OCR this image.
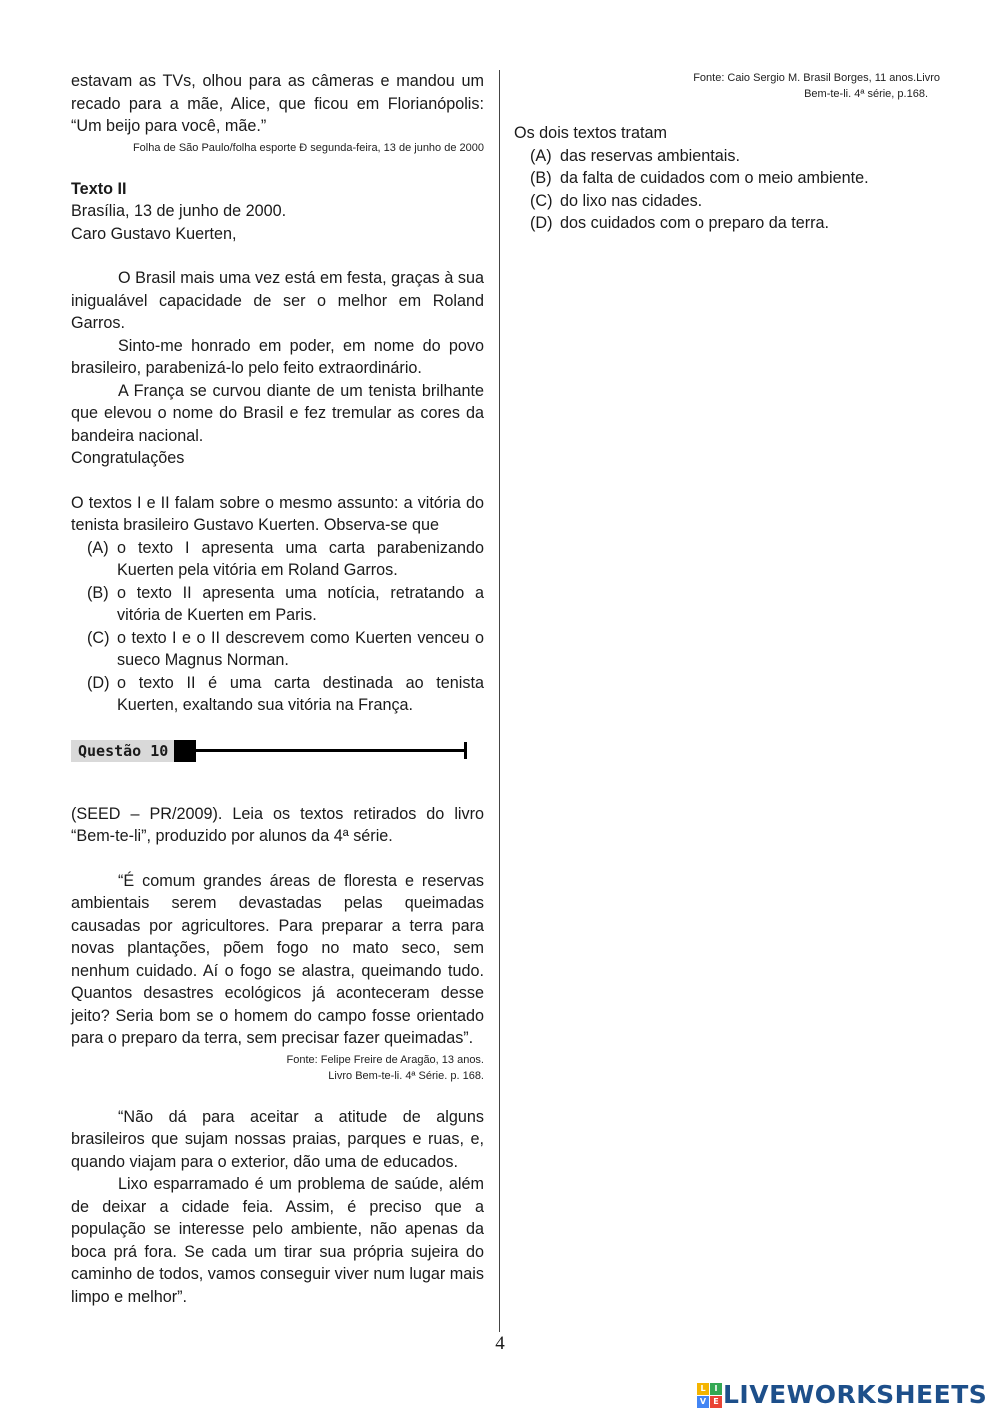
estavam as TVs, olhou para as câmeras e mandou um recado para a mãe, Alice, que ficou em Florianópolis: “Um beijo para você, mãe.”

Folha de São Paulo/folha esporte Ð segunda-feira, 13 de junho de 2000

Texto II

Brasília, 13 de junho de 2000.

Caro Gustavo Kuerten,

O Brasil mais uma vez está em festa, graças à sua inigualável capacidade de ser o melhor em Roland Garros.

Sinto-me honrado em poder, em nome do povo brasileiro, parabenizá-lo pelo feito extraordinário.

A França se curvou diante de um tenista brilhante que elevou o nome do Brasil e fez tremular as cores da bandeira nacional.

Congratulações

O textos I e II falam sobre o mesmo assunto: a vitória do tenista brasileiro Gustavo Kuerten. Observa-se que

(A) o texto I apresenta uma carta parabenizando Kuerten pela vitória em Roland Garros.
(B) o texto II apresenta uma notícia, retratando a vitória de Kuerten em Paris.
(C) o texto I e o II descrevem como Kuerten venceu o sueco Magnus Norman.
(D) o texto II é uma carta destinada ao tenista Kuerten, exaltando sua vitória na França.
Questão 10

(SEED – PR/2009). Leia os textos retirados do livro “Bem-te-li”, produzido por alunos da 4ª série.

“É comum grandes áreas de floresta e reservas ambientais serem devastadas pelas queimadas causadas por agricultores. Para preparar a terra para novas plantações, põem fogo no mato seco, sem nenhum cuidado. Aí o fogo se alastra, queimando tudo. Quantos desastres ecológicos já aconteceram desse jeito? Seria bom se o homem do campo fosse orientado para o preparo da terra, sem precisar fazer queimadas”.

Fonte: Felipe Freire de Aragão, 13 anos.

Livro Bem-te-li. 4ª Série. p. 168.

“Não dá para aceitar a atitude de alguns brasileiros que sujam nossas praias, parques e ruas, e, quando viajam para o exterior, dão uma de educados.

Lixo esparramado é um problema de saúde, além de deixar a cidade feia. Assim, é preciso que a população se interesse pelo ambiente, não apenas da boca prá fora. Se cada um tirar sua própria sujeira do caminho de todos, vamos conseguir viver num lugar mais limpo e melhor”.

Fonte: Caio Sergio M. Brasil Borges, 11 anos.Livro

Bem-te-li. 4ª série, p.168.

Os dois textos tratam

(A) das reservas ambientais.
(B) da falta de cuidados com o meio ambiente.
(C) do lixo nas cidades.
(D) dos cuidados com o preparo da terra.
4
L	I
V E LIVEWORKSHEETS
